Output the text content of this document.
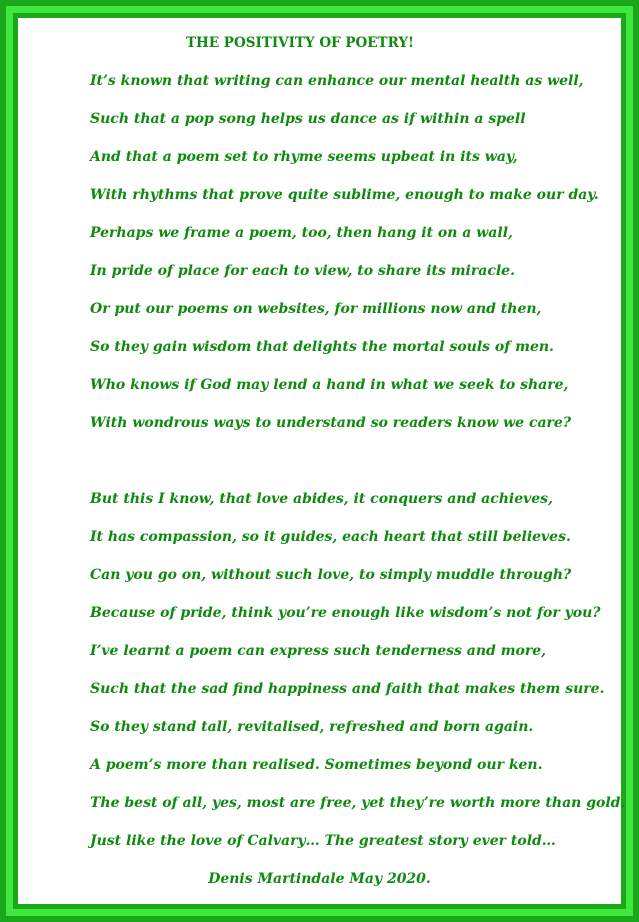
THE POSITIVITY OF POETRY!
It’s known that writing can enhance our mental health as well,
Such that a pop song helps us dance as if within a spell
And that a poem set to rhyme seems upbeat in its way,
With rhythms that prove quite sublime, enough to make our day.
Perhaps we frame a poem, too, then hang it on a wall,
In pride of place for each to view, to share its miracle.
Or put our poems on websites, for millions now and then,
So they gain wisdom that delights the mortal souls of men.
Who knows if God may lend a hand in what we seek to share,
With wondrous ways to understand so readers know we care?
But this I know, that love abides, it conquers and achieves,
It has compassion, so it guides, each heart that still believes.
Can you go on, without such love, to simply muddle through?
Because of pride, think you’re enough like wisdom’s not for you?
I’ve learnt a poem can express such tenderness and more,
Such that the sad find happiness and faith that makes them sure.
So they stand tall, revitalised, refreshed and born again.
A poem’s more than realised. Sometimes beyond our ken.
The best of all, yes, most are free, yet they’re worth more than gold.
Just like the love of Calvary… The greatest story ever told…
Denis Martindale May 2020.
